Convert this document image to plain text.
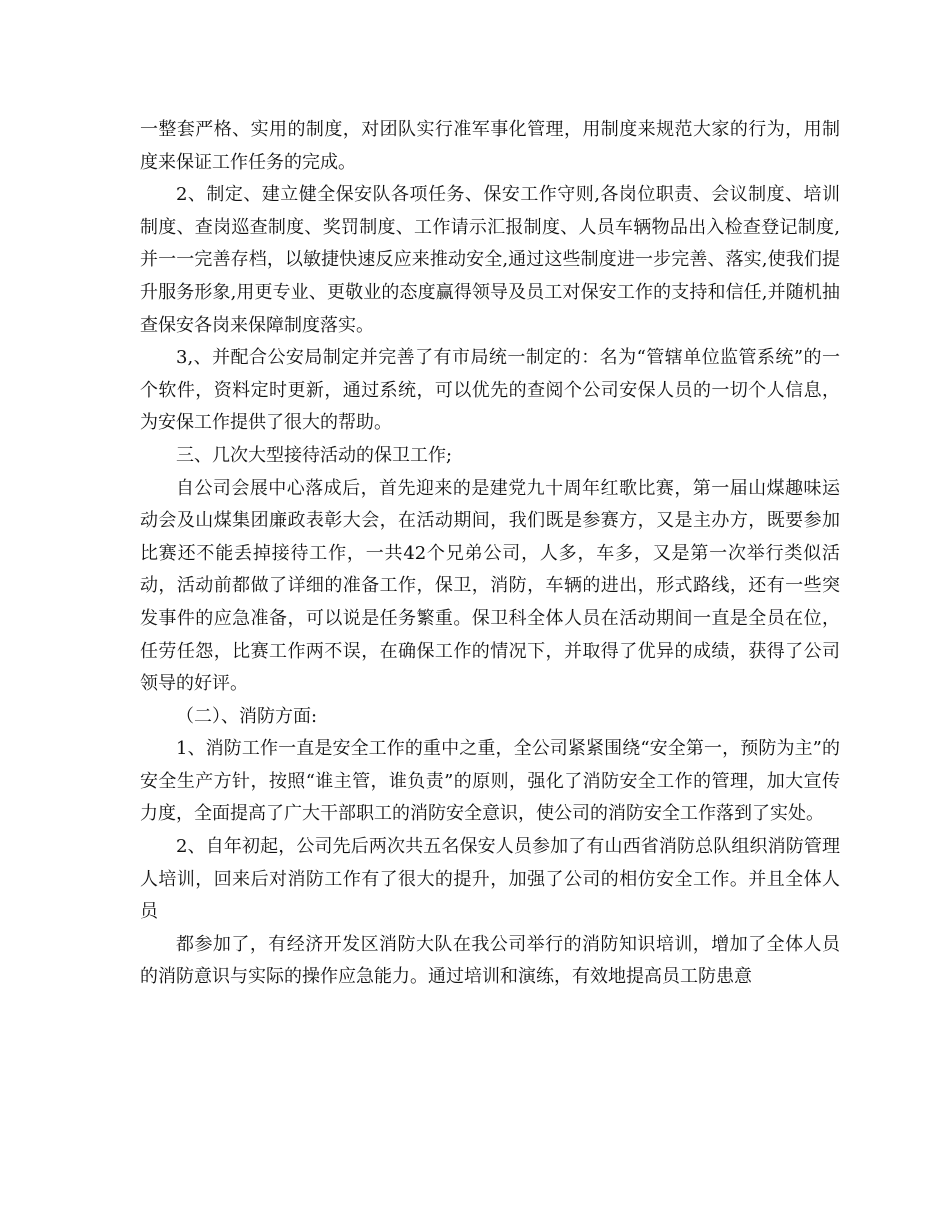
一整套严格、实用的制度，对团队实行准军事化管理，用制度来规范大家的行为，用制度来保证工作任务的完成。

2、制定、建立健全保安队各项任务、保安工作守则,各岗位职责、会议制度、培训制度、查岗巡查制度、奖罚制度、工作请示汇报制度、人员车辆物品出入检查登记制度,并一一完善存档，以敏捷快速反应来推动安全,通过这些制度进一步完善、落实,使我们提升服务形象,用更专业、更敬业的态度赢得领导及员工对保安工作的支持和信任,并随机抽查保安各岗来保障制度落实。

3,、并配合公安局制定并完善了有市局统一制定的：名为“管辖单位监管系统”的一个软件，资料定时更新，通过系统，可以优先的查阅个公司安保人员的一切个人信息，为安保工作提供了很大的帮助。

三、几次大型接待活动的保卫工作;

自公司会展中心落成后，首先迎来的是建党九十周年红歌比赛，第一届山煤趣味运动会及山煤集团廉政表彰大会，在活动期间，我们既是参赛方，又是主办方，既要参加比赛还不能丢掉接待工作，一共42个兄弟公司，人多，车多，又是第一次举行类似活动，活动前都做了详细的准备工作，保卫，消防，车辆的进出，形式路线，还有一些突发事件的应急准备，可以说是任务繁重。保卫科全体人员在活动期间一直是全员在位，任劳任怨，比赛工作两不误，在确保工作的情况下，并取得了优异的成绩，获得了公司领导的好评。

（二）、消防方面:

1、消防工作一直是安全工作的重中之重，全公司紧紧围绕“安全第一，预防为主”的安全生产方针，按照“谁主管，谁负责”的原则，强化了消防安全工作的管理，加大宣传力度，全面提高了广大干部职工的消防安全意识，使公司的消防安全工作落到了实处。

2、自年初起，公司先后两次共五名保安人员参加了有山西省消防总队组织消防管理人培训，回来后对消防工作有了很大的提升，加强了公司的相仿安全工作。并且全体人员

都参加了，有经济开发区消防大队在我公司举行的消防知识培训，增加了全体人员的消防意识与实际的操作应急能力。通过培训和演练，有效地提高员工防患意
